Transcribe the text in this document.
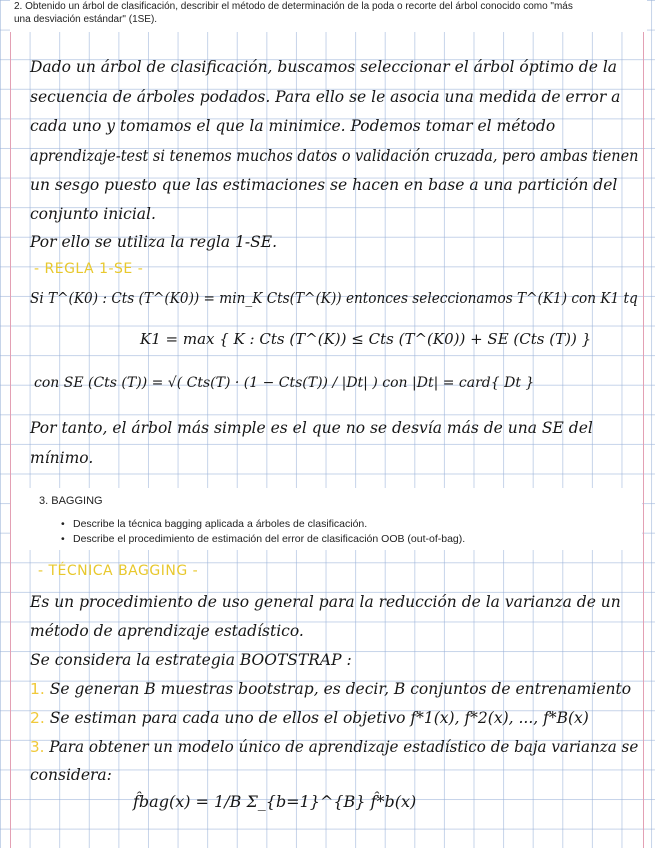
2. Obtenido un árbol de clasificación, describir el método de determinación de la poda o recorte del árbol conocido como "más
una desviación estándar" (1SE).
Dado un árbol de clasificación, buscamos seleccionar el árbol óptimo de la
secuencia de árboles podados. Para ello se le asocia una medida de error a
cada uno y tomamos el que la minimice. Podemos tomar el método
aprendizaje-test si tenemos muchos datos o validación cruzada, pero ambas tienen
un sesgo puesto que las estimaciones se hacen en base a una partición del
conjunto inicial.
Por ello se utiliza la regla 1-SE.
- REGLA 1-SE -
Si T^(K0) : Cts (T^(K0)) = min_K Cts(T^(K)) entonces seleccionamos T^(K1) con K1 tq
K1 = max { K : Cts (T^(K)) ≤ Cts (T^(K0)) + SE (Cts (T)) }
con SE (Cts (T)) = √( Cts(T) · (1 − Cts(T)) / |Dt| ) con |Dt| = card{ Dt }
Por tanto, el árbol más simple es el que no se desvía más de una SE del
mínimo.
3. BAGGING
• Describe la técnica bagging aplicada a árboles de clasificación.
• Describe el procedimiento de estimación del error de clasificación OOB (out-of-bag).
- TÉCNICA BAGGING -
Es un procedimiento de uso general para la reducción de la varianza de un
método de aprendizaje estadístico.
Se considera la estrategia BOOTSTRAP :
1. Se generan B muestras bootstrap, es decir, B conjuntos de entrenamiento
2. Se estiman para cada uno de ellos el objetivo f*1(x), f*2(x), ..., f*B(x)
3. Para obtener un modelo único de aprendizaje estadístico de baja varianza se
considera:
f̂bag(x) = 1/B Σ_{b=1}^{B} f̂*b(x)
